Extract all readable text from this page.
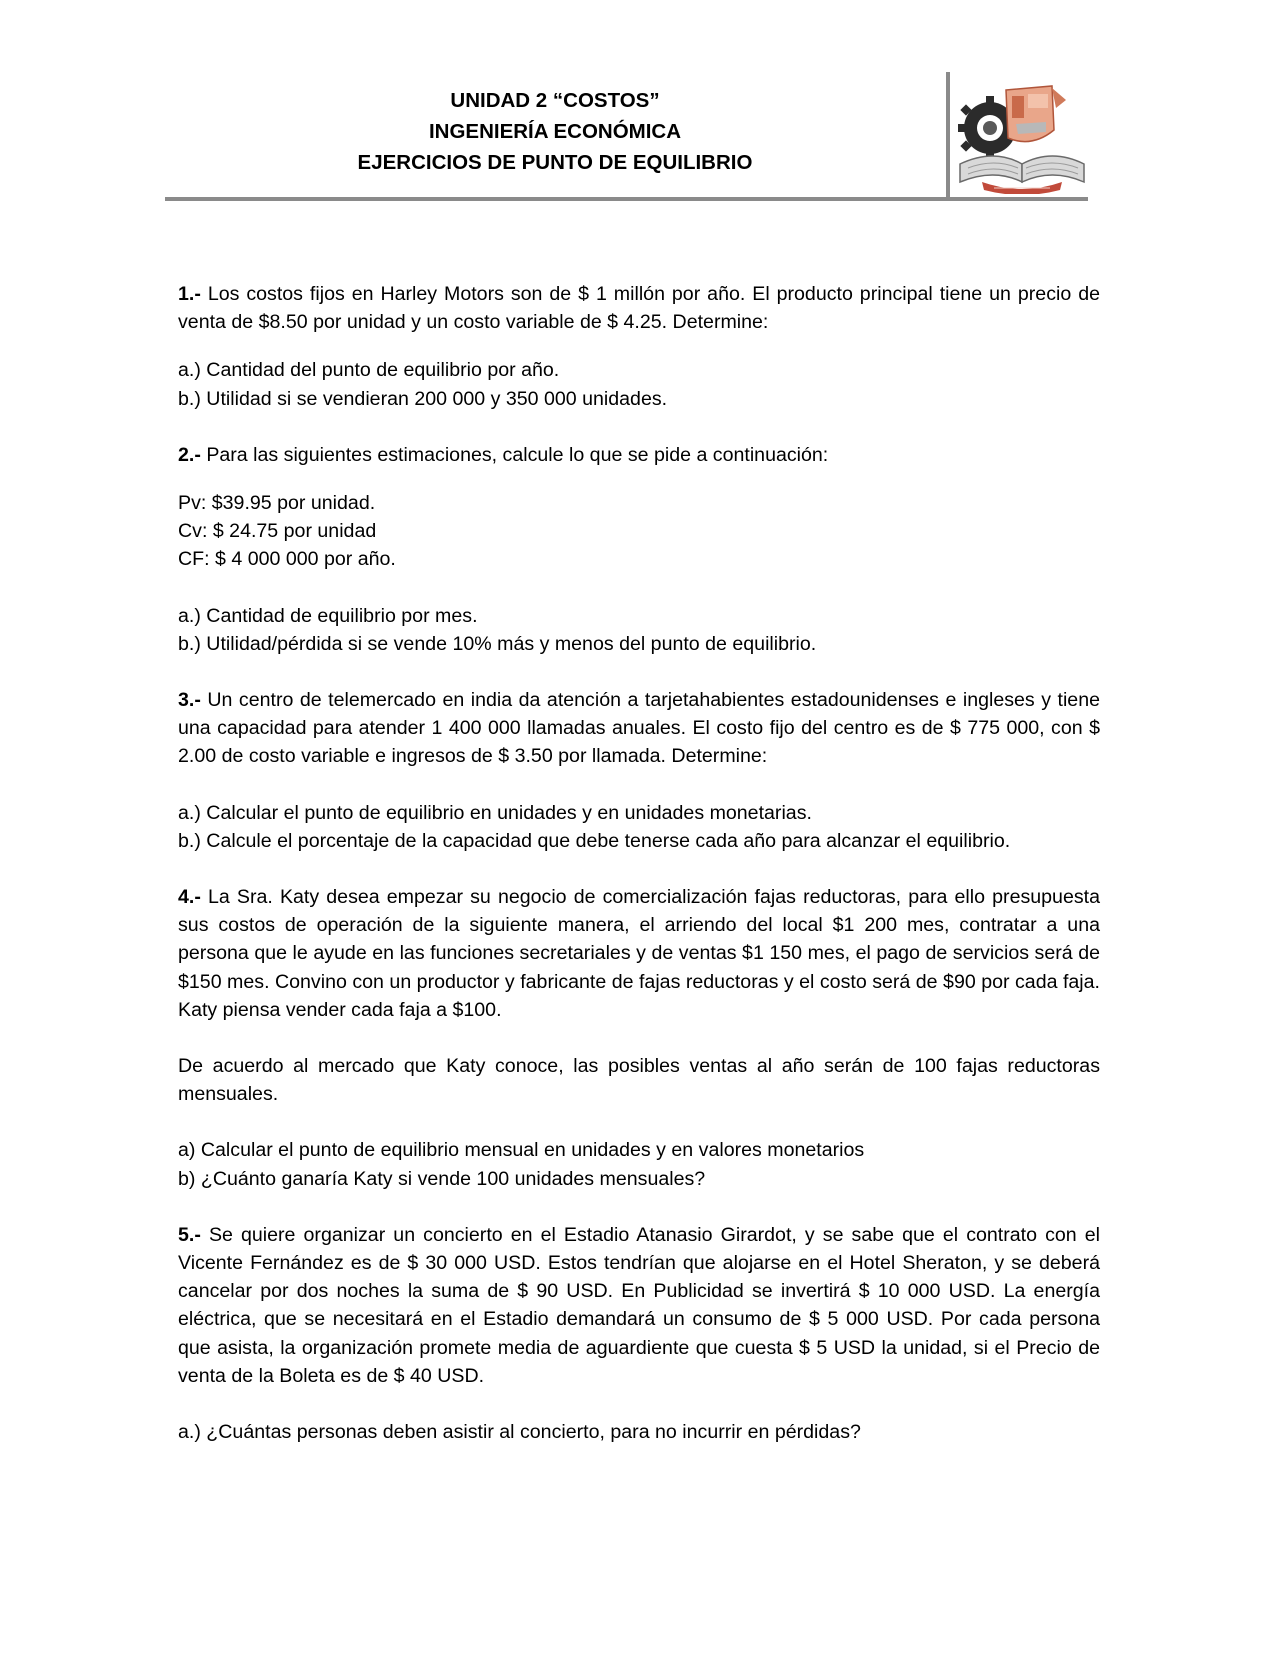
UNIDAD 2 “COSTOS”
INGENIERÍA ECONÓMICA
EJERCICIOS DE PUNTO DE EQUILIBRIO

1.- Los costos fijos en Harley Motors son de $ 1 millón por año. El producto principal tiene un precio de venta de $8.50 por unidad y un costo variable de $ 4.25. Determine:

a.) Cantidad del punto de equilibrio por año.

b.) Utilidad si se vendieran 200 000 y 350 000 unidades.

2.- Para las siguientes estimaciones, calcule lo que se pide a continuación:

Pv: $39.95 por unidad.

Cv: $ 24.75 por unidad

CF: $ 4 000 000 por año.

a.) Cantidad de equilibrio por mes.

b.) Utilidad/pérdida si se vende 10% más y menos del punto de equilibrio.

3.- Un centro de telemercado en india da atención a tarjetahabientes estadounidenses e ingleses y tiene una capacidad para atender 1 400 000 llamadas anuales. El costo fijo del centro es de $ 775 000, con $ 2.00 de costo variable e ingresos de $ 3.50 por llamada. Determine:

a.) Calcular el punto de equilibrio en unidades y en unidades monetarias.

b.) Calcule el porcentaje de la capacidad que debe tenerse cada año para alcanzar el equilibrio.

4.- La Sra. Katy desea empezar su negocio de comercialización fajas reductoras, para ello presupuesta sus costos de operación de la siguiente manera, el arriendo del local $1 200 mes, contratar a una persona que le ayude en las funciones secretariales y de ventas $1 150 mes, el pago de servicios será de $150 mes. Convino con un productor y fabricante de fajas reductoras y el costo será de $90 por cada faja. Katy piensa vender cada faja a $100.

De acuerdo al mercado que Katy conoce, las posibles ventas al año serán de 100 fajas reductoras mensuales.

a) Calcular el punto de equilibrio mensual en unidades y en valores monetarios

b) ¿Cuánto ganaría Katy si vende 100 unidades mensuales?

5.- Se quiere organizar un concierto en el Estadio Atanasio Girardot, y se sabe que el contrato con el Vicente Fernández es de $ 30 000 USD. Estos tendrían que alojarse en el Hotel Sheraton, y se deberá cancelar por dos noches la suma de $ 90 USD. En Publicidad se invertirá $ 10 000 USD. La energía eléctrica, que se necesitará en el Estadio demandará un consumo de $ 5 000 USD. Por cada persona que asista, la organización promete media de aguardiente que cuesta $ 5 USD la unidad, si el Precio de venta de la Boleta es de $ 40 USD.

a.) ¿Cuántas personas deben asistir al concierto, para no incurrir en pérdidas?
